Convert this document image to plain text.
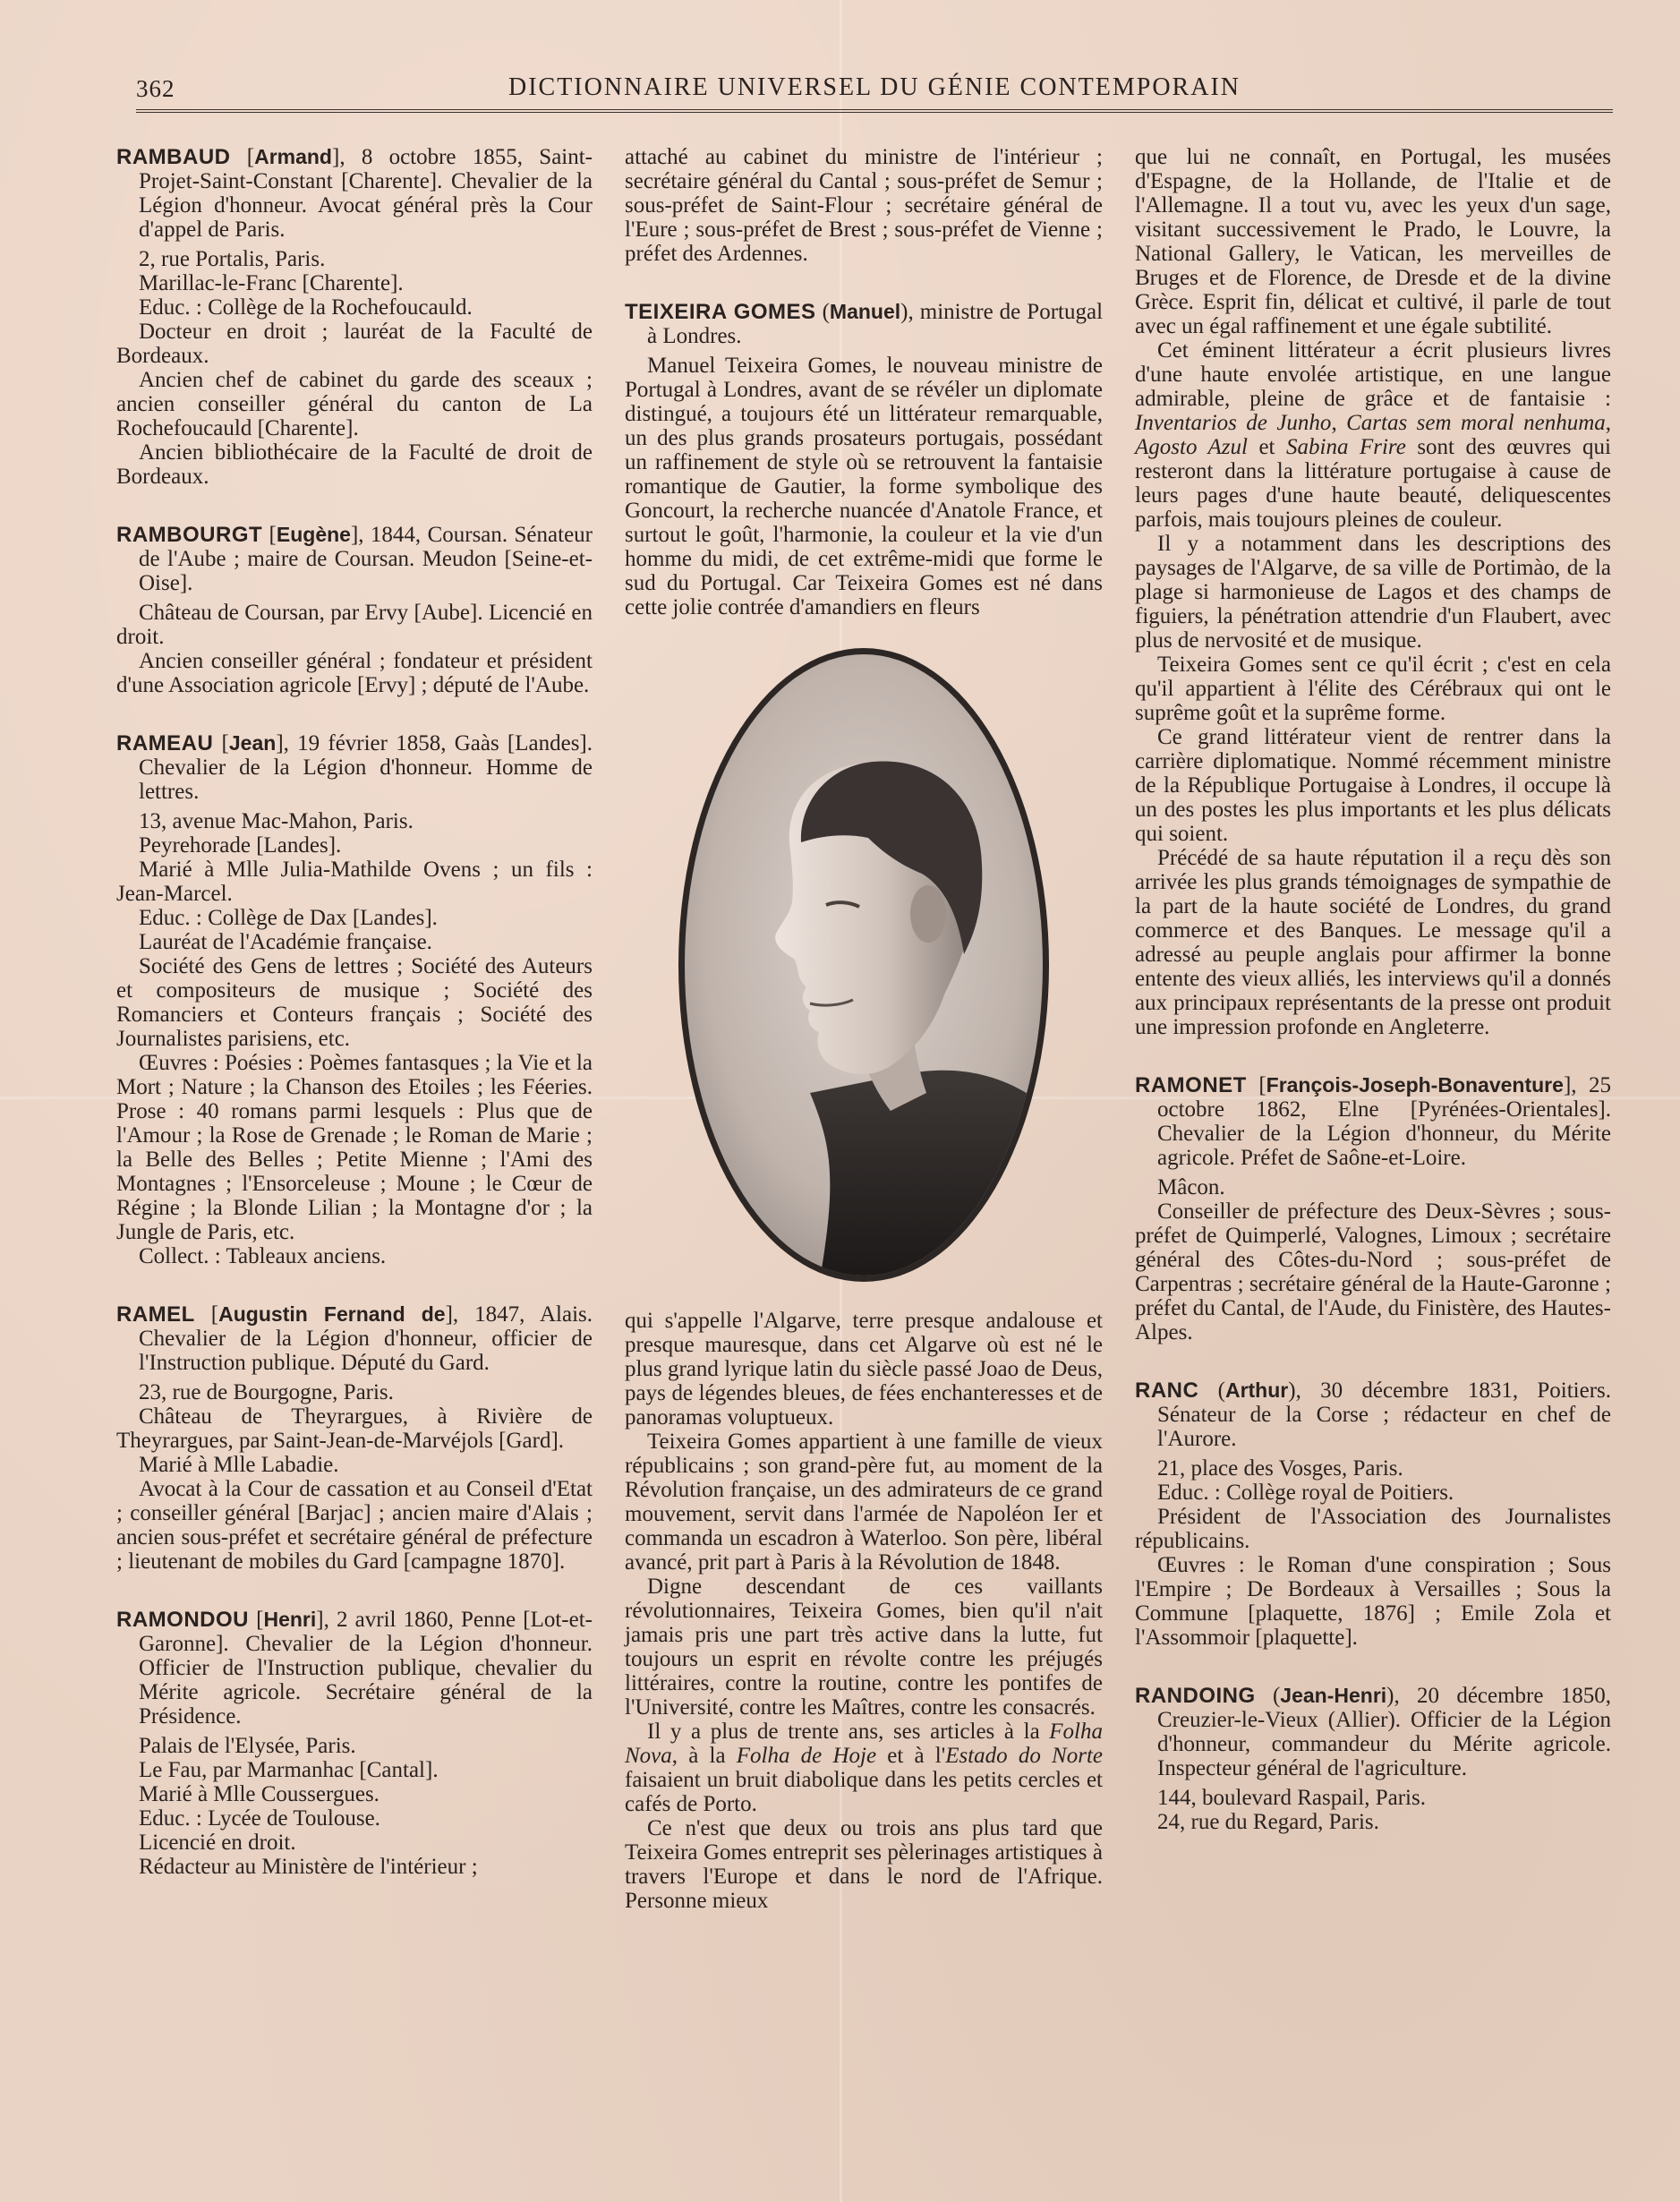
362	DICTIONNAIRE UNIVERSEL DU GÉNIE CONTEMPORAIN

RAMBAUD [Armand], 8 octobre 1855, Saint-Projet-Saint-Constant [Charente]. Chevalier de la Légion d'honneur. Avocat général près la Cour d'appel de Paris.

2, rue Portalis, Paris.

Marillac-le-Franc [Charente].

Educ. : Collège de la Rochefoucauld.

Docteur en droit ; lauréat de la Faculté de Bordeaux.

Ancien chef de cabinet du garde des sceaux ; ancien conseiller général du canton de La Rochefoucauld [Charente].

Ancien bibliothécaire de la Faculté de droit de Bordeaux.

RAMBOURGT [Eugène], 1844, Coursan. Sénateur de l'Aube ; maire de Coursan. Meudon [Seine-et-Oise].

Château de Coursan, par Ervy [Aube]. Licencié en droit.

Ancien conseiller général ; fondateur et président d'une Association agricole [Ervy] ; député de l'Aube.

RAMEAU [Jean], 19 février 1858, Gaàs [Landes]. Chevalier de la Légion d'honneur. Homme de lettres.

13, avenue Mac-Mahon, Paris.

Peyrehorade [Landes].

Marié à Mlle Julia-Mathilde Ovens ; un fils : Jean-Marcel.

Educ. : Collège de Dax [Landes].

Lauréat de l'Académie française.

Société des Gens de lettres ; Société des Auteurs et compositeurs de musique ; Société des Romanciers et Conteurs français ; Société des Journalistes parisiens, etc.

Œuvres : Poésies : Poèmes fantasques ; la Vie et la Mort ; Nature ; la Chanson des Etoiles ; les Féeries. Prose : 40 romans parmi lesquels : Plus que de l'Amour ; la Rose de Grenade ; le Roman de Marie ; la Belle des Belles ; Petite Mienne ; l'Ami des Montagnes ; l'Ensorceleuse ; Moune ; le Cœur de Régine ; la Blonde Lilian ; la Montagne d'or ; la Jungle de Paris, etc.

Collect. : Tableaux anciens.

RAMEL [Augustin Fernand de], 1847, Alais. Chevalier de la Légion d'honneur, officier de l'Instruction publique. Député du Gard.

23, rue de Bourgogne, Paris.

Château de Theyrargues, à Rivière de Theyrargues, par Saint-Jean-de-Marvéjols [Gard].

Marié à Mlle Labadie.

Avocat à la Cour de cassation et au Conseil d'Etat ; conseiller général [Barjac] ; ancien maire d'Alais ; ancien sous-préfet et secrétaire général de préfecture ; lieutenant de mobiles du Gard [campagne 1870].

RAMONDOU [Henri], 2 avril 1860, Penne [Lot-et-Garonne]. Chevalier de la Légion d'honneur. Officier de l'Instruction publique, chevalier du Mérite agricole. Secrétaire général de la Présidence.

Palais de l'Elysée, Paris.

Le Fau, par Marmanhac [Cantal].

Marié à Mlle Coussergues.

Educ. : Lycée de Toulouse.

Licencié en droit.

Rédacteur au Ministère de l'intérieur ;

attaché au cabinet du ministre de l'intérieur ; secrétaire général du Cantal ; sous-préfet de Semur ; sous-préfet de Saint-Flour ; secrétaire général de l'Eure ; sous-préfet de Brest ; sous-préfet de Vienne ; préfet des Ardennes.

TEIXEIRA GOMES (Manuel), ministre de Portugal à Londres.

Manuel Teixeira Gomes, le nouveau ministre de Portugal à Londres, avant de se révéler un diplomate distingué, a toujours été un littérateur remarquable, un des plus grands prosateurs portugais, possédant un raffinement de style où se retrouvent la fantaisie romantique de Gautier, la forme symbolique des Goncourt, la recherche nuancée d'Anatole France, et surtout le goût, l'harmonie, la couleur et la vie d'un homme du midi, de cet extrême-midi que forme le sud du Portugal. Car Teixeira Gomes est né dans cette jolie contrée d'amandiers en fleurs

qui s'appelle l'Algarve, terre presque andalouse et presque mauresque, dans cet Algarve où est né le plus grand lyrique latin du siècle passé Joao de Deus, pays de légendes bleues, de fées enchanteresses et de panoramas voluptueux.

Teixeira Gomes appartient à une famille de vieux républicains ; son grand-père fut, au moment de la Révolution française, un des admirateurs de ce grand mouvement, servit dans l'armée de Napoléon Ier et commanda un escadron à Waterloo. Son père, libéral avancé, prit part à Paris à la Révolution de 1848.

Digne descendant de ces vaillants révolutionnaires, Teixeira Gomes, bien qu'il n'ait jamais pris une part très active dans la lutte, fut toujours un esprit en révolte contre les préjugés littéraires, contre la routine, contre les pontifes de l'Université, contre les Maîtres, contre les consacrés.

Il y a plus de trente ans, ses articles à la Folha Nova, à la Folha de Hoje et à l'Estado do Norte faisaient un bruit diabolique dans les petits cercles et cafés de Porto.

Ce n'est que deux ou trois ans plus tard que Teixeira Gomes entreprit ses pèlerinages artistiques à travers l'Europe et dans le nord de l'Afrique. Personne mieux

que lui ne connaît, en Portugal, les musées d'Espagne, de la Hollande, de l'Italie et de l'Allemagne. Il a tout vu, avec les yeux d'un sage, visitant successivement le Prado, le Louvre, la National Gallery, le Vatican, les merveilles de Bruges et de Florence, de Dresde et de la divine Grèce. Esprit fin, délicat et cultivé, il parle de tout avec un égal raffinement et une égale subtilité.

Cet éminent littérateur a écrit plusieurs livres d'une haute envolée artistique, en une langue admirable, pleine de grâce et de fantaisie : Inventarios de Junho, Cartas sem moral nenhuma, Agosto Azul et Sabina Frire sont des œuvres qui resteront dans la littérature portugaise à cause de leurs pages d'une haute beauté, deliquescentes parfois, mais toujours pleines de couleur.

Il y a notamment dans les descriptions des paysages de l'Algarve, de sa ville de Portimào, de la plage si harmonieuse de Lagos et des champs de figuiers, la pénétration attendrie d'un Flaubert, avec plus de nervosité et de musique.

Teixeira Gomes sent ce qu'il écrit ; c'est en cela qu'il appartient à l'élite des Cérébraux qui ont le suprême goût et la suprême forme.

Ce grand littérateur vient de rentrer dans la carrière diplomatique. Nommé récemment ministre de la République Portugaise à Londres, il occupe là un des postes les plus importants et les plus délicats qui soient.

Précédé de sa haute réputation il a reçu dès son arrivée les plus grands témoignages de sympathie de la part de la haute société de Londres, du grand commerce et des Banques. Le message qu'il a adressé au peuple anglais pour affirmer la bonne entente des vieux alliés, les interviews qu'il a donnés aux principaux représentants de la presse ont produit une impression profonde en Angleterre.

RAMONET [François-Joseph-Bonaventure], 25 octobre 1862, Elne [Pyrénées-Orientales]. Chevalier de la Légion d'honneur, du Mérite agricole. Préfet de Saône-et-Loire.

Mâcon.

Conseiller de préfecture des Deux-Sèvres ; sous-préfet de Quimperlé, Valognes, Limoux ; secrétaire général des Côtes-du-Nord ; sous-préfet de Carpentras ; secrétaire général de la Haute-Garonne ; préfet du Cantal, de l'Aude, du Finistère, des Hautes-Alpes.

RANC (Arthur), 30 décembre 1831, Poitiers. Sénateur de la Corse ; rédacteur en chef de l'Aurore.

21, place des Vosges, Paris.

Educ. : Collège royal de Poitiers.

Président de l'Association des Journalistes républicains.

Œuvres : le Roman d'une conspiration ; Sous l'Empire ; De Bordeaux à Versailles ; Sous la Commune [plaquette, 1876] ; Emile Zola et l'Assommoir [plaquette].

RANDOING (Jean-Henri), 20 décembre 1850, Creuzier-le-Vieux (Allier). Officier de la Légion d'honneur, commandeur du Mérite agricole. Inspecteur général de l'agriculture.

144, boulevard Raspail, Paris.

24, rue du Regard, Paris.
